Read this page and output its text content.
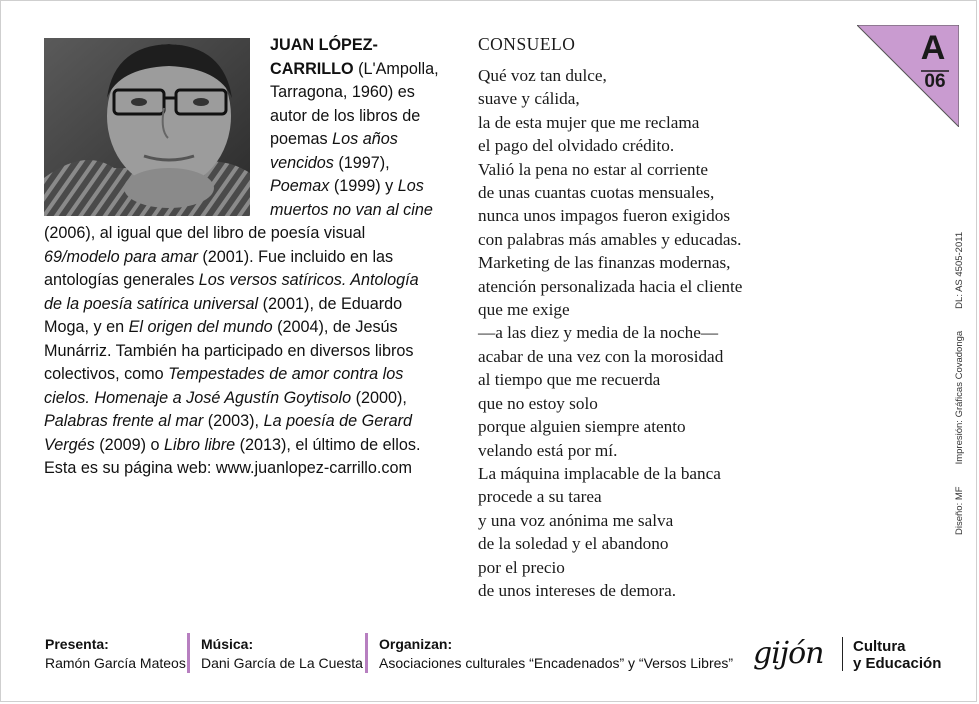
JUAN LÓPEZ-CARRILLO (L'Ampolla, Tarragona, 1960) es autor de los libros de poemas Los años vencidos (1997), Poemax (1999) y Los muertos no van al cine (2006), al igual que del libro de poesía visual 69/modelo para amar (2001). Fue incluido en las antologías generales Los versos satíricos. Antología de la poesía satírica universal (2001), de Eduardo Moga, y en El origen del mundo (2004), de Jesús Munárriz. También ha participado en diversos libros colectivos, como Tempestades de amor contra los cielos. Homenaje a José Agustín Goytisolo (2000), Palabras frente al mar (2003), La poesía de Gerard Vergés (2009) o Libro libre (2013), el último de ellos. Esta es su página web: www.juanlopez-carrillo.com

CONSUELO
Qué voz tan dulce,
suave y cálida,
la de esta mujer que me reclama
el pago del olvidado crédito.
Valió la pena no estar al corriente
de unas cuantas cuotas mensuales,
nunca unos impagos fueron exigidos
con palabras más amables y educadas.
Marketing de las finanzas modernas,
atención personalizada hacia el cliente
que me exige
—a las diez y media de la noche—
acabar de una vez con la morosidad
al tiempo que me recuerda
que no estoy solo
porque alguien siempre atento
velando está por mí.
La máquina implacable de la banca
procede a su tarea
y una voz anónima me salva
de la soledad y el abandono
por el precio
de unos intereses de demora.
A
06
Diseño: MFImpresión: Gráficas CovadongaDL: AS 4505-2011
Presenta:
Ramón García Mateos
Música:
Dani García de La Cuesta
Organizan:
Asociaciones culturales “Encadenados” y “Versos Libres” gijón Cultura
y Educación
